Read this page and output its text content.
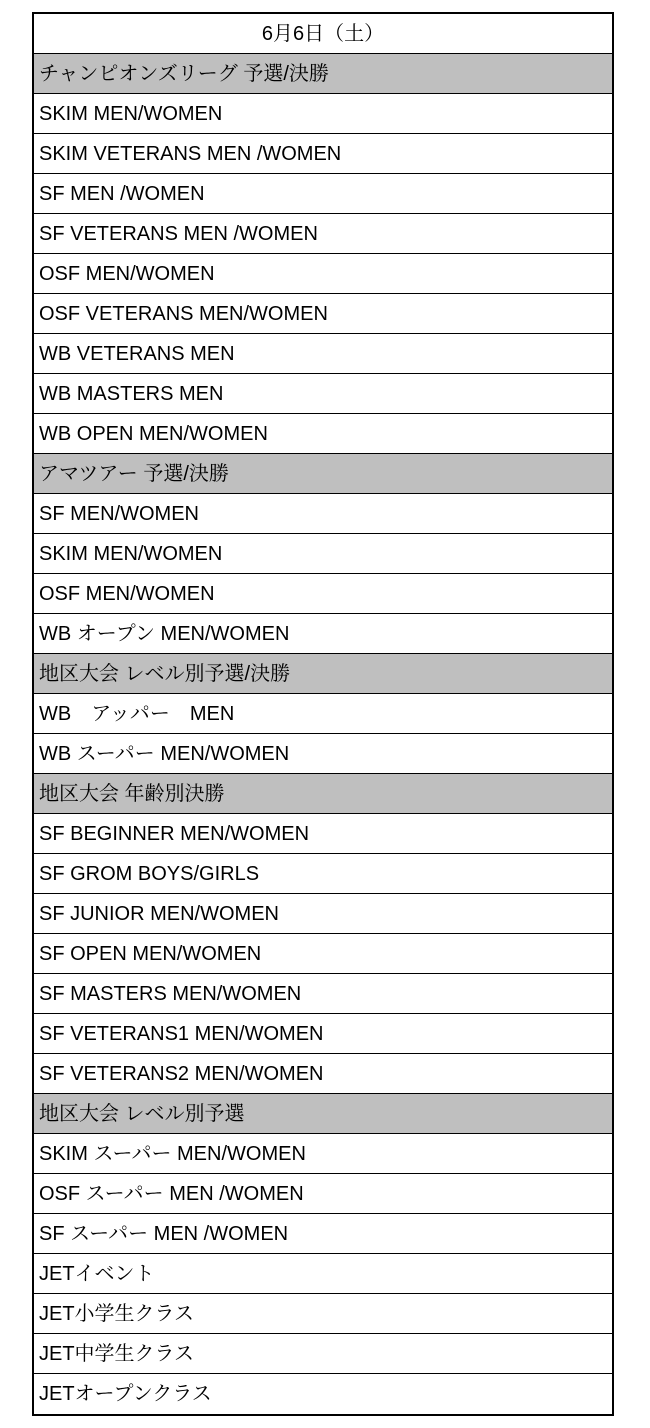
6月6日（土）
チャンピオンズリーグ 予選/決勝
SKIM MEN/WOMEN
SKIM VETERANS MEN /WOMEN
SF MEN /WOMEN
SF VETERANS MEN /WOMEN
OSF MEN/WOMEN
OSF VETERANS MEN/WOMEN
WB VETERANS MEN
WB MASTERS MEN
WB OPEN MEN/WOMEN
アマツアー 予選/決勝
SF MEN/WOMEN
SKIM MEN/WOMEN
OSF MEN/WOMEN
WB オープン MEN/WOMEN
地区大会 レベル別予選/決勝
WB　アッパー　MEN
WB スーパー MEN/WOMEN
地区大会 年齢別決勝
SF BEGINNER MEN/WOMEN
SF GROM BOYS/GIRLS
SF JUNIOR MEN/WOMEN
SF OPEN MEN/WOMEN
SF MASTERS MEN/WOMEN
SF VETERANS1 MEN/WOMEN
SF VETERANS2 MEN/WOMEN
地区大会 レベル別予選
SKIM スーパー MEN/WOMEN
OSF スーパー MEN /WOMEN
SF スーパー MEN /WOMEN
JETイベント
JET小学生クラス
JET中学生クラス
JETオープンクラス
